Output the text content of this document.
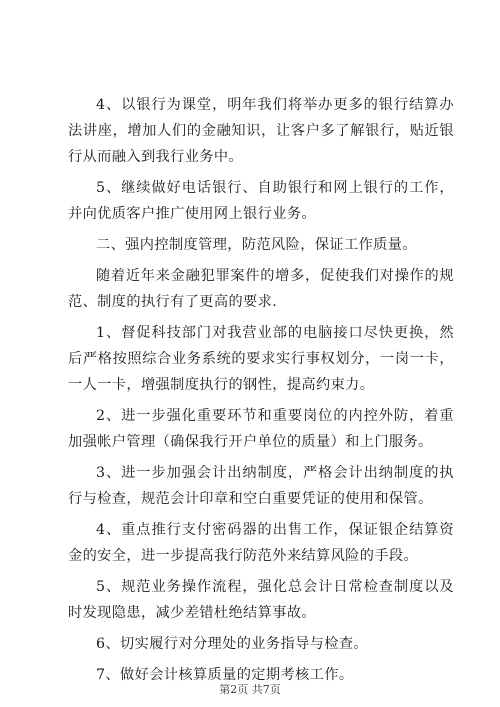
4、以银行为课堂，明年我们将举办更多的银行结算办法讲座，增加人们的金融知识，让客户多了解银行，贴近银行从而融入到我行业务中。

5、继续做好电话银行、自助银行和网上银行的工作，并向优质客户推广使用网上银行业务。

二、强内控制度管理，防范风险，保证工作质量。

随着近年来金融犯罪案件的增多，促使我们对操作的规范、制度的执行有了更高的要求.

1、督促科技部门对我营业部的电脑接口尽快更换，然后严格按照综合业务系统的要求实行事权划分，一岗一卡，一人一卡，增强制度执行的钢性，提高约束力。

2、进一步强化重要环节和重要岗位的内控外防，着重加强帐户管理（确保我行开户单位的质量）和上门服务。

3、进一步加强会计出纳制度，严格会计出纳制度的执行与检查，规范会计印章和空白重要凭证的使用和保管。

4、重点推行支付密码器的出售工作，保证银企结算资金的安全，进一步提高我行防范外来结算风险的手段。

5、规范业务操作流程，强化总会计日常检查制度以及时发现隐患，减少差错杜绝结算事故。

6、切实履行对分理处的业务指导与检查。

7、做好会计核算质量的定期考核工作。

第2页 共7页
